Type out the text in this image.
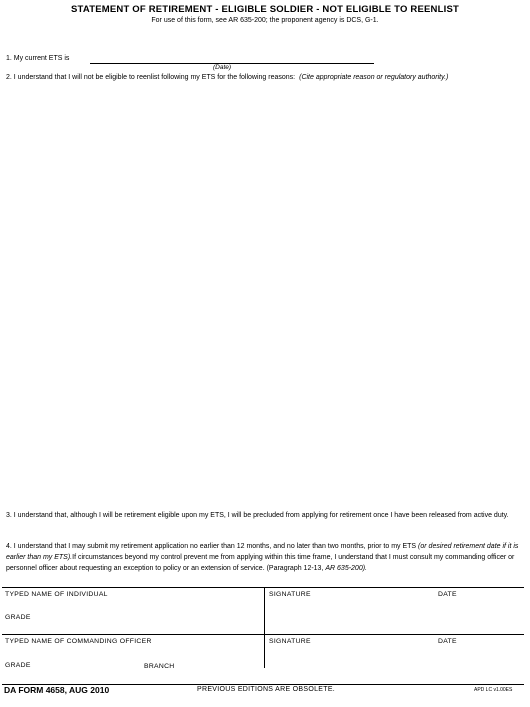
STATEMENT OF RETIREMENT - ELIGIBLE SOLDIER - NOT ELIGIBLE TO REENLIST
For use of this form, see AR 635-200; the proponent agency is DCS, G-1.
1. My current ETS is
(Date)
2. I understand that I will not be eligible to reenlist following my ETS for the following reasons: (Cite appropriate reason or regulatory authority.)
3. I understand that, although I will be retirement eligible upon my ETS, I will be precluded from applying for retirement once I have been released from active duty.
4. I understand that I may submit my retirement application no earlier than 12 months, and no later than two months, prior to my ETS (or desired retirement date if it is earlier than my ETS).If circumstances beyond my control prevent me from applying within this time frame, I understand that I must consult my commanding officer or personnel officer about requesting an exception to policy or an extension of service. (Paragraph 12-13, AR 635-200).
TYPED NAME OF INDIVIDUAL	SIGNATURE	DATE
GRADE
TYPED NAME OF COMMANDING OFFICER	SIGNATURE	DATE
GRADE	BRANCH
DA FORM 4658, AUG 2010	PREVIOUS EDITIONS ARE OBSOLETE.	APD LC v1.00ES
